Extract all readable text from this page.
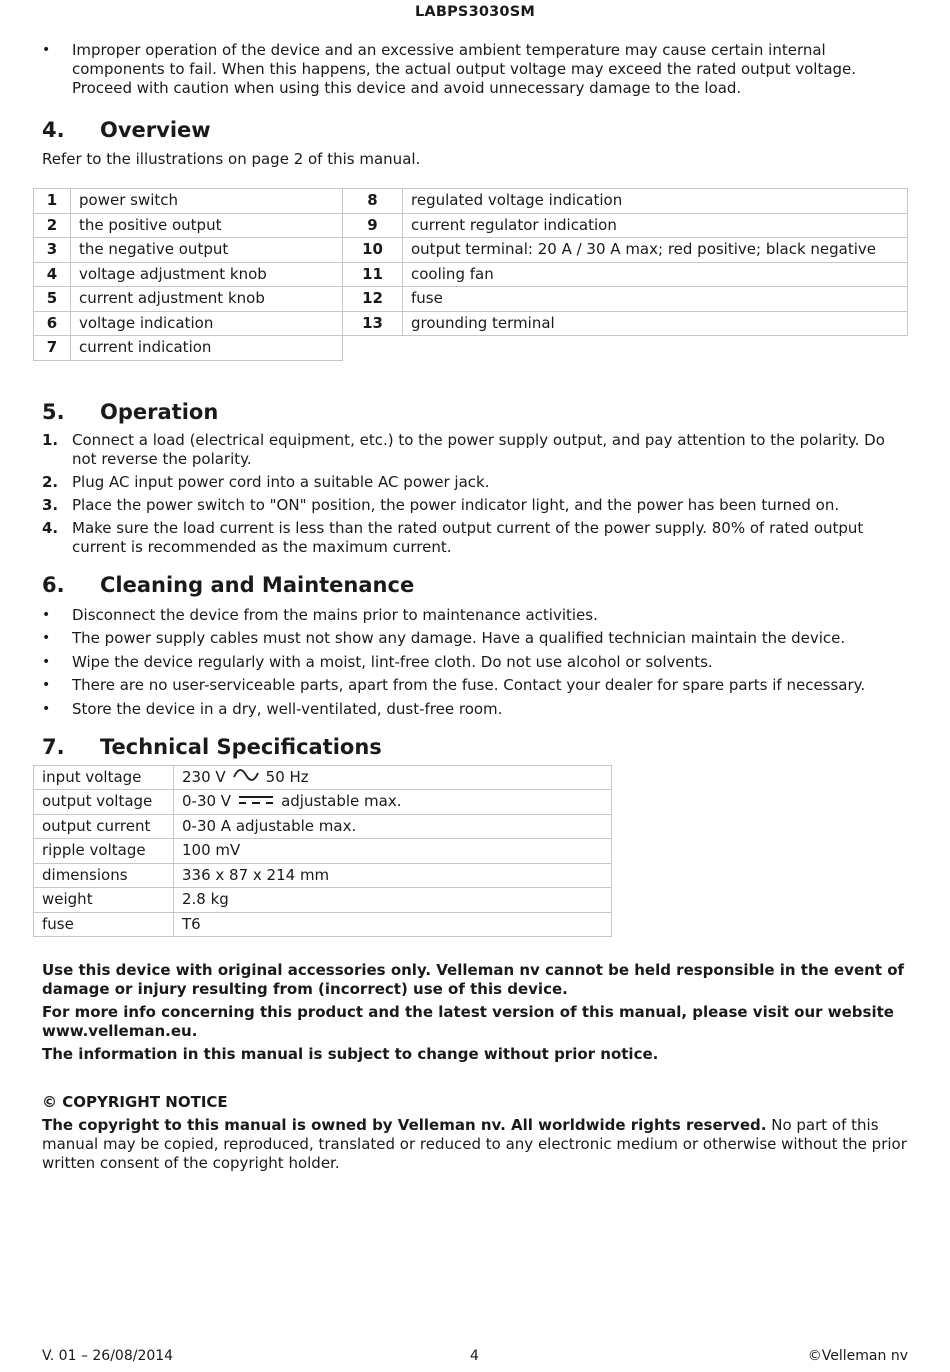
LABPS3030SM
• Improper operation of the device and an excessive ambient temperature may cause certain internal components to fail. When this happens, the actual output voltage may exceed the rated output voltage. Proceed with caution when using this device and avoid unnecessary damage to the load.
4.	Overview

Refer to the illustrations on page 2 of this manual.

1	power switch	8	regulated voltage indication
2	the positive output	9	current regulator indication
3	the negative output	10	output terminal: 20 A / 30 A max; red positive; black negative
4	voltage adjustment knob	11	cooling fan
5	current adjustment knob	12	fuse
6	voltage indication	13	grounding terminal
7	current indication		
5.	Operation
1. Connect a load (electrical equipment, etc.) to the power supply output, and pay attention to the polarity. Do not reverse the polarity.
2. Plug AC input power cord into a suitable AC power jack.
3. Place the power switch to "ON" position, the power indicator light, and the power has been turned on.
4. Make sure the load current is less than the rated output current of the power supply. 80% of rated output current is recommended as the maximum current.
6.	Cleaning and Maintenance
• Disconnect the device from the mains prior to maintenance activities.
• The power supply cables must not show any damage. Have a qualified technician maintain the device.
• Wipe the device regularly with a moist, lint-free cloth. Do not use alcohol or solvents.
• There are no user-serviceable parts, apart from the fuse. Contact your dealer for spare parts if necessary.
• Store the device in a dry, well-ventilated, dust-free room.
7.	Technical Specifications
input voltage	230 V 50 Hz
output voltage	0-30 V adjustable max.
output current	0-30 A adjustable max.
ripple voltage	100 mV
dimensions	336 x 87 x 214 mm
weight	2.8 kg
fuse	T6

Use this device with original accessories only. Velleman nv cannot be held responsible in the event of damage or injury resulting from (incorrect) use of this device.

For more info concerning this product and the latest version of this manual, please visit our website www.velleman.eu.

The information in this manual is subject to change without prior notice.

© COPYRIGHT NOTICE

The copyright to this manual is owned by Velleman nv. All worldwide rights reserved. No part of this manual may be copied, reproduced, translated or reduced to any electronic medium or otherwise without the prior written consent of the copyright holder.

V. 01 – 26/08/2014	4	©Velleman nv
